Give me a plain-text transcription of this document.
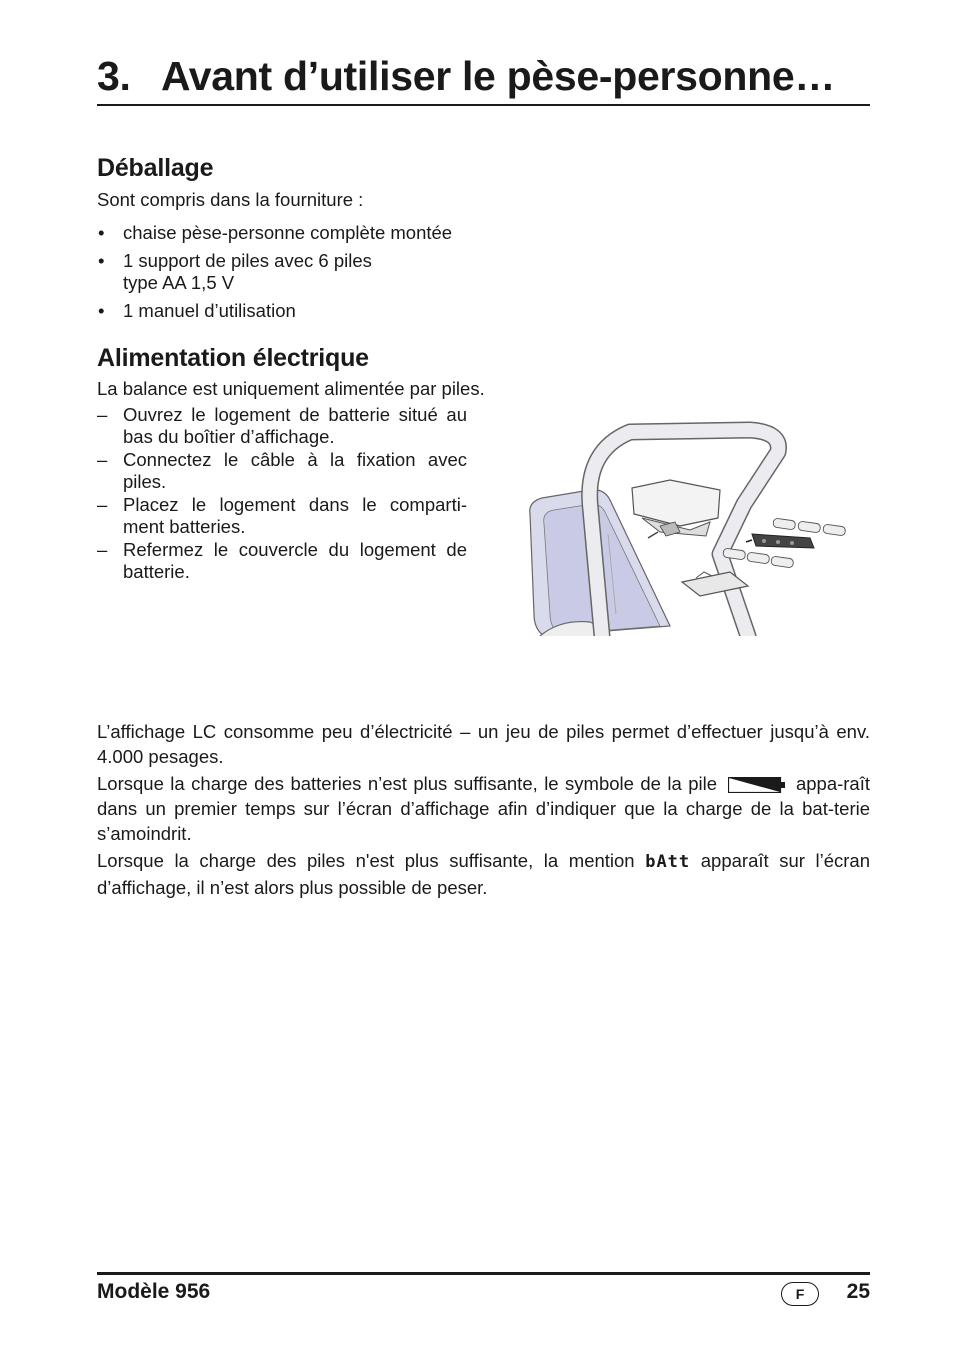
3. Avant d’utiliser le pèse-personne…
Déballage

Sont compris dans la fourniture :

• chaise pèse-personne complète montée
• 1 support de piles avec 6 piles
type AA 1,5 V
• 1 manuel d’utilisation
Alimentation électrique

La balance est uniquement alimentée par piles.

– Ouvrez le logement de batterie situé au bas du boîtier d’affichage.
– Connectez le câble à la fixation avec piles.
– Placez le logement dans le comparti-ment batteries.
– Refermez le couvercle du logement de batterie.

L’affichage LC consomme peu d’électricité – un jeu de piles permet d’effectuer jusqu’à env. 4.000 pesages.

Lorsque la charge des batteries n’est plus suffisante, le symbole de la pile	appa-raît dans un premier temps sur l’écran d’affichage afin d’indiquer que la charge de la bat-terie s’amoindrit.

Lorsque la charge des piles n'est plus suffisante, la mention bAtt apparaît sur l’écran d’affichage, il n’est alors plus possible de peser.

Modèle 956	F	25
